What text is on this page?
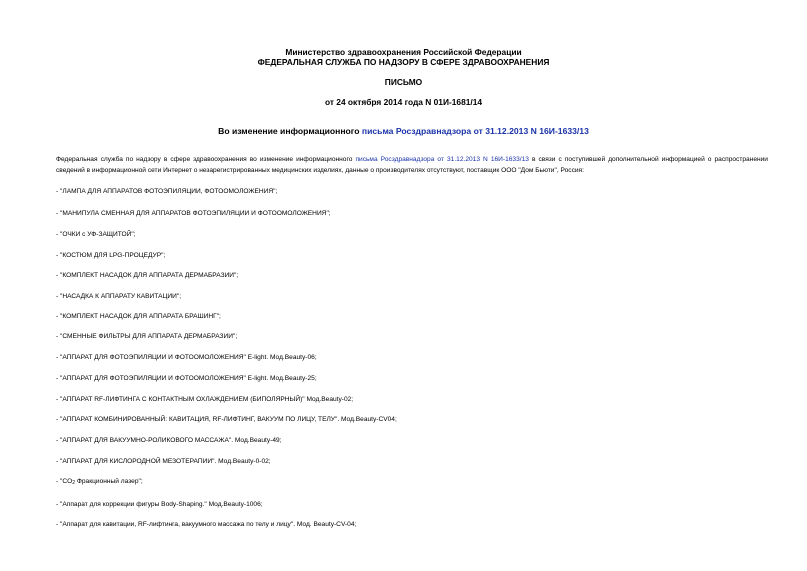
Министерство здравоохранения Российской Федерации
ФЕДЕРАЛЬНАЯ СЛУЖБА ПО НАДЗОРУ В СФЕРЕ ЗДРАВООХРАНЕНИЯ
ПИСЬМО
от 24 октября 2014 года N 01И-1681/14
Во изменение информационного письма Росздравнадзора от 31.12.2013 N 16И-1633/13
Федеральная служба по надзору в сфере здравоохранения во изменение информационного письма Росздравнадзора от 31.12.2013 N 16И-1633/13 в связи с поступившей дополнительной информацией о распространении сведений в информационной сети Интернет о незарегистрированных медицинских изделиях, данные о производителях отсутствуют, поставщик ООО "Дом Бьюти", Россия:
- "ЛАМПА ДЛЯ АППАРАТОВ ФОТОЭПИЛЯЦИИ, ФОТООМОЛОЖЕНИЯ";
- "МАНИПУЛА СМЕННАЯ ДЛЯ АППАРАТОВ ФОТОЭПИЛЯЦИИ И ФОТООМОЛОЖЕНИЯ";
- "ОЧКИ с УФ-ЗАЩИТОЙ";
- "КОСТЮМ ДЛЯ LPG-ПРОЦЕДУР";
- "КОМПЛЕКТ НАСАДОК ДЛЯ АППАРАТА ДЕРМАБРАЗИИ";
- "НАСАДКА К АППАРАТУ КАВИТАЦИИ";
- "КОМПЛЕКТ НАСАДОК ДЛЯ АППАРАТА БРАШИНГ";
- "СМЕННЫЕ ФИЛЬТРЫ ДЛЯ АППАРАТА ДЕРМАБРАЗИИ";
- "АППАРАТ ДЛЯ ФОТОЭПИЛЯЦИИ И ФОТООМОЛОЖЕНИЯ" E-light. Мод.Beauty-06;
- "АППАРАТ ДЛЯ ФОТОЭПИЛЯЦИИ И ФОТООМОЛОЖЕНИЯ" E-light. Мод.Beauty-25;
- "АППАРАТ RF-ЛИФТИНГА С КОНТАКТНЫМ ОХЛАЖДЕНИЕМ (БИПОЛЯРНЫЙ)" Мод.Beauty-02;
- "АППАРАТ КОМБИНИРОВАННЫЙ: КАВИТАЦИЯ, RF-ЛИФТИНГ, ВАКУУМ ПО ЛИЦУ, ТЕЛУ". Мод.Beauty-CV04;
- "АППАРАТ ДЛЯ ВАКУУМНО-РОЛИКОВОГО МАССАЖА". Мод.Beauty-49;
- "АППАРАТ ДЛЯ КИСЛОРОДНОЙ МЕЗОТЕРАПИИ". Мод.Beauty-0-02;
- "$CO_2$ Фракционный лазер";
- "Аппарат для коррекции фигуры Body-Shaping." Мод.Beauty-1006;
- "Аппарат для кавитации, RF-лифтинга, вакуумного массажа по телу и лицу". Мод. Beauty-CV-04;
